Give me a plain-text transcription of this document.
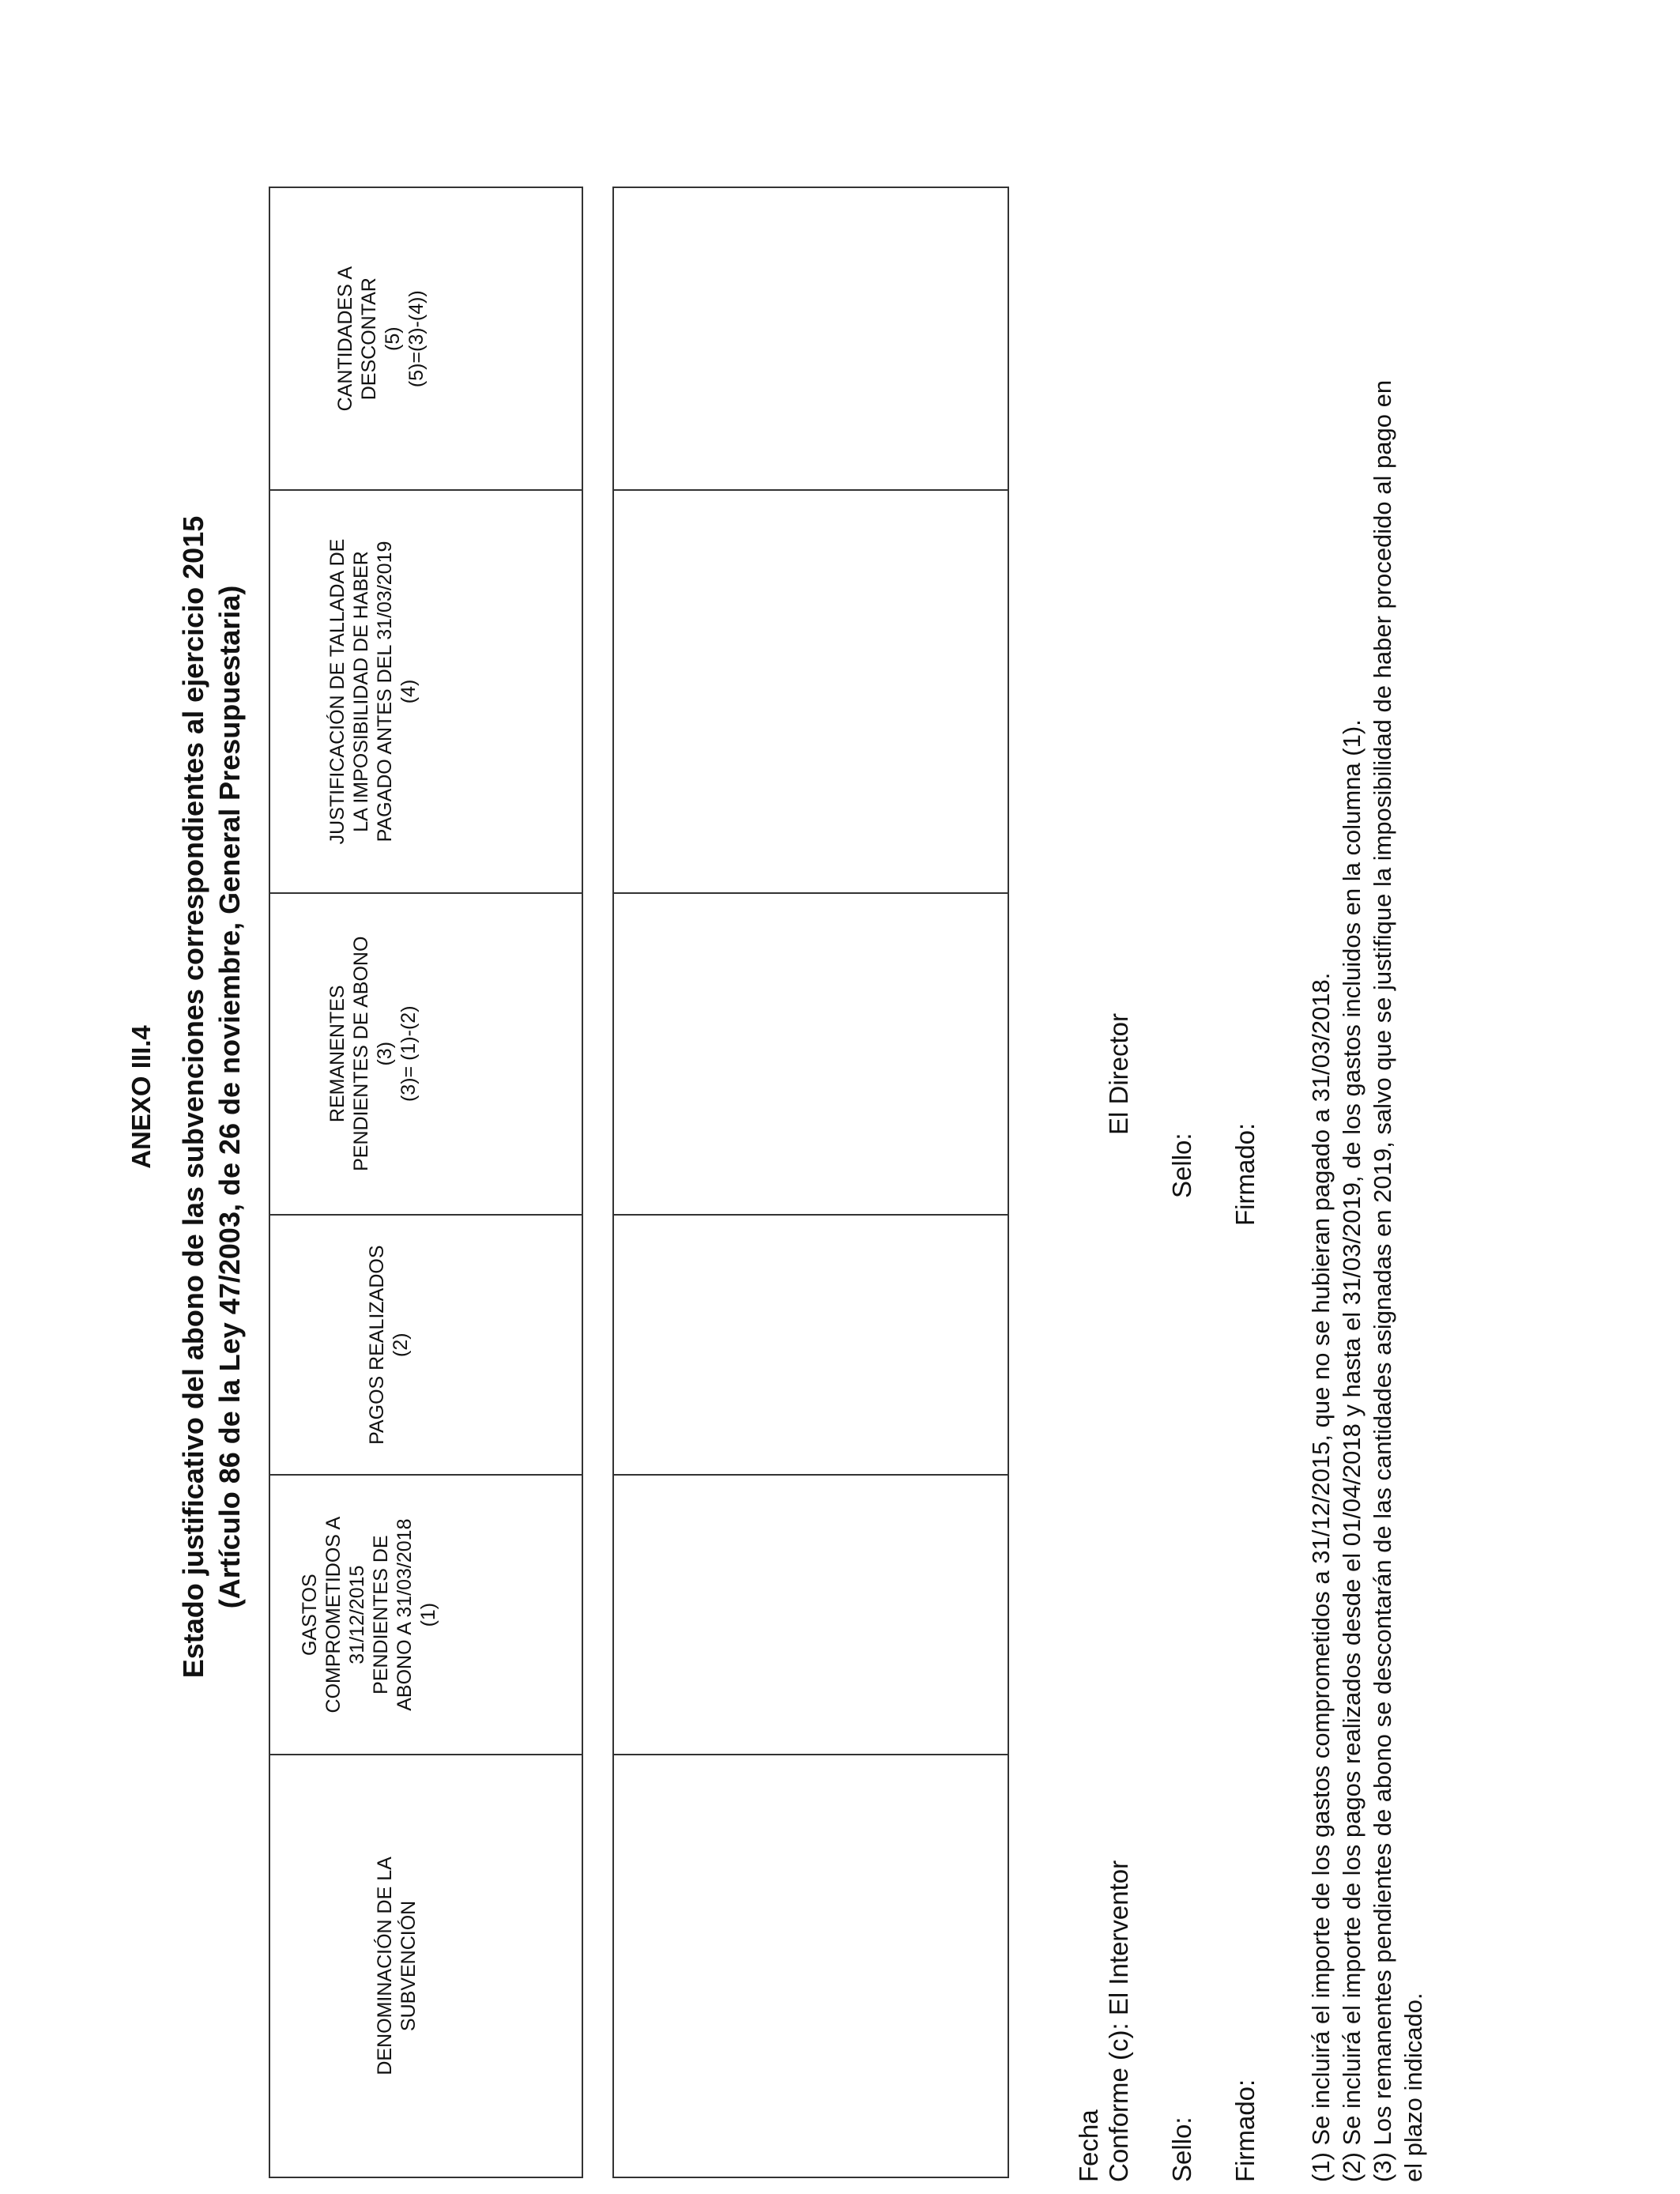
ANEXO III.4 Estado justificativo del abono de las subvenciones correspondientes al ejercicio 2015 (Artículo 86 de la Ley 47/2003, de 26 de noviembre, General Presupuestaria)
DENOMINACIÓN DE LA
SUBVENCIÓN
GASTOS
COMPROMETIDOS A
31/12/2015
PENDIENTES DE
ABONO A 31/03/2018
(1)
PAGOS REALIZADOS
(2)
REMANENTES
PENDIENTES DE ABONO
(3)
(3)= (1)-(2)
JUSTIFICACIÓN DE TALLADA DE
LA IMPOSIBILIDAD DE HABER
PAGADO ANTES DEL 31/03/2019
(4)
CANTIDADES A
DESCONTAR
(5)
(5)=(3)-(4))
Fecha Conforme (c): El Interventor
El Director
Sello:
Sello:
Firmado:
Firmado: (1) Se incluirá el importe de los gastos comprometidos a 31/12/2015, que no se hubieran pagado a 31/03/2018. (2) Se incluirá el importe de los pagos realizados desde el 01/04/2018 y hasta el 31/03/2019, de los gastos incluidos en la columna (1). (3) Los remanentes pendientes de abono se descontarán de las cantidades asignadas en 2019, salvo que se justifique la imposibilidad de haber procedido al pago en el plazo indicado.
